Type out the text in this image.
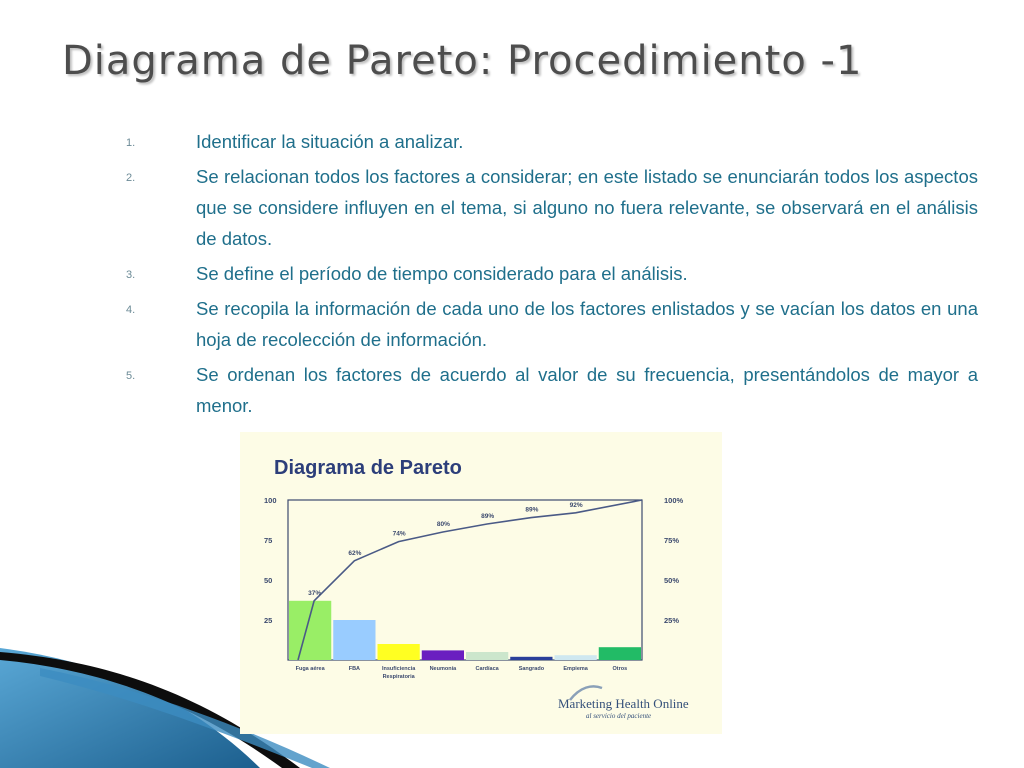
Diagrama de Pareto: Procedimiento -1
1.	Identificar la situación a analizar.
2.	Se relacionan todos los factores a considerar; en este listado se enunciarán todos los aspectos que se considere influyen en el tema, si alguno no fuera relevante, se observará en el análisis de datos.
3.	Se define el período de tiempo considerado para el análisis.
4.	Se recopila la información de cada uno de los factores enlistados y se vacían los datos en una hoja de recolección de información.
5.	Se ordenan los factores de acuerdo al valor de su frecuencia, presentándolos de mayor a menor.
Diagrama de Pareto
100
75
50
25
100%
75%
50%
25%
Fuga aérea	FBA	Insuficiencia
Respiratoria
Neumonía	Cardíaca	Sangrado	Empiema	Otros
37%
62%
74%
80%
89%
89%
92%
Marketing Health Online
al servicio del paciente
